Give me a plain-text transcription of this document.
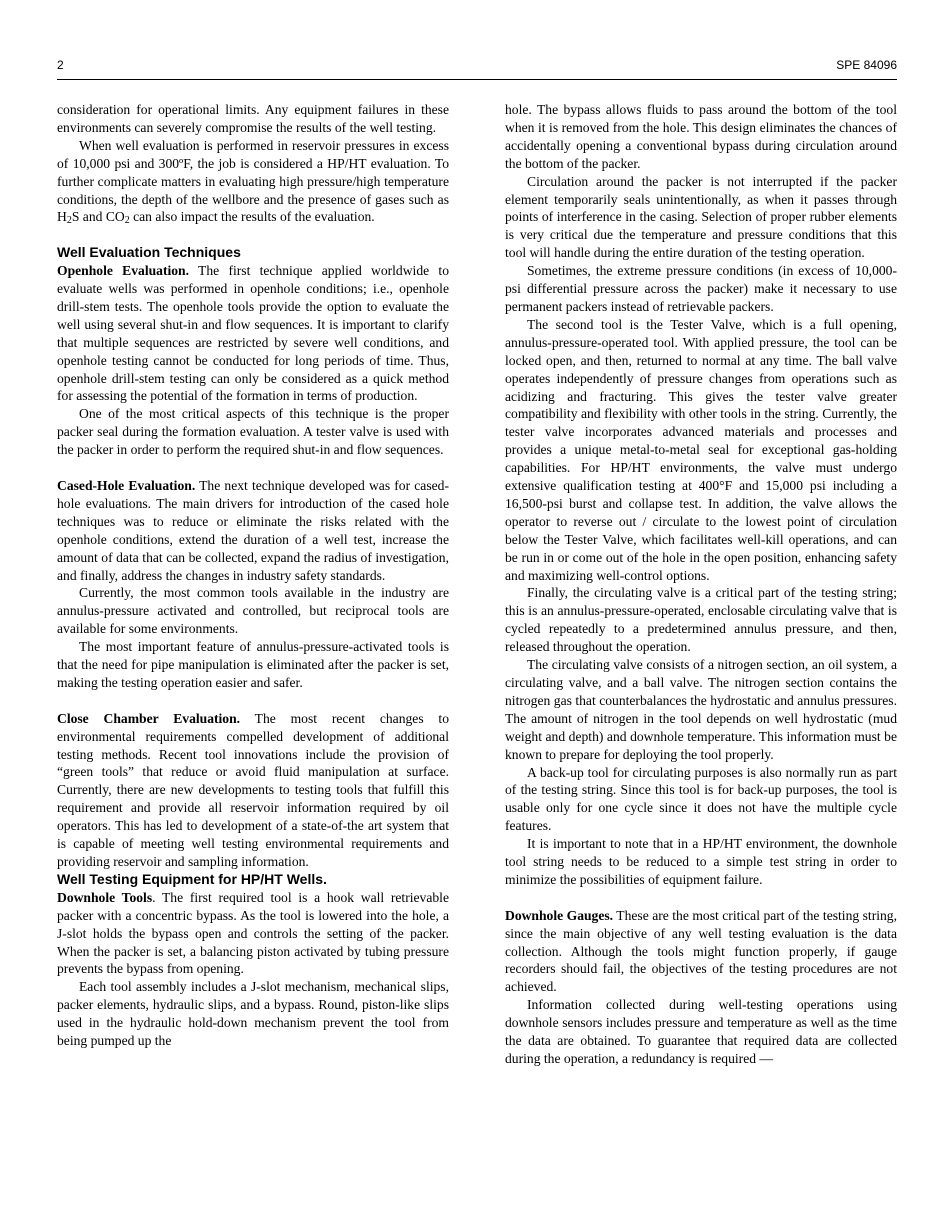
2	SPE 84096

consideration for operational limits. Any equipment failures in these environments can severely compromise the results of the well testing.

When well evaluation is performed in reservoir pressures in excess of 10,000 psi and 300ºF, the job is considered a HP/HT evaluation. To further complicate matters in evaluating high pressure/high temperature conditions, the depth of the wellbore and the presence of gases such as $H_2S$ and $CO_2$ can also impact the results of the evaluation.

Well Evaluation Techniques

Openhole Evaluation. The first technique applied worldwide to evaluate wells was performed in openhole conditions; i.e., openhole drill-stem tests. The openhole tools provide the option to evaluate the well using several shut-in and flow sequences. It is important to clarify that multiple sequences are restricted by severe well conditions, and openhole testing cannot be conducted for long periods of time. Thus, openhole drill-stem testing can only be considered as a quick method for assessing the potential of the formation in terms of production.

One of the most critical aspects of this technique is the proper packer seal during the formation evaluation. A tester valve is used with the packer in order to perform the required shut-in and flow sequences.

Cased-Hole Evaluation. The next technique developed was for cased-hole evaluations. The main drivers for introduction of the cased hole techniques was to reduce or eliminate the risks related with the openhole conditions, extend the duration of a well test, increase the amount of data that can be collected, expand the radius of investigation, and finally, address the changes in industry safety standards.

Currently, the most common tools available in the industry are annulus-pressure activated and controlled, but reciprocal tools are available for some environments.

The most important feature of annulus-pressure-activated tools is that the need for pipe manipulation is eliminated after the packer is set, making the testing operation easier and safer.

Close Chamber Evaluation. The most recent changes to environmental requirements compelled development of additional testing methods. Recent tool innovations include the provision of “green tools” that reduce or avoid fluid manipulation at surface. Currently, there are new developments to testing tools that fulfill this requirement and provide all reservoir information required by oil operators. This has led to development of a state-of-the art system that is capable of meeting well testing environmental requirements and providing reservoir and sampling information.

Well Testing Equipment for HP/HT Wells.

Downhole Tools. The first required tool is a hook wall retrievable packer with a concentric bypass. As the tool is lowered into the hole, a J-slot holds the bypass open and controls the setting of the packer. When the packer is set, a balancing piston activated by tubing pressure prevents the bypass from opening.

Each tool assembly includes a J-slot mechanism, mechanical slips, packer elements, hydraulic slips, and a bypass. Round, piston-like slips used in the hydraulic hold-down mechanism prevent the tool from being pumped up the

hole. The bypass allows fluids to pass around the bottom of the tool when it is removed from the hole. This design eliminates the chances of accidentally opening a conventional bypass during circulation around the bottom of the packer.

Circulation around the packer is not interrupted if the packer element temporarily seals unintentionally, as when it passes through points of interference in the casing. Selection of proper rubber elements is very critical due the temperature and pressure conditions that this tool will handle during the entire duration of the testing operation.

Sometimes, the extreme pressure conditions (in excess of 10,000-psi differential pressure across the packer) make it necessary to use permanent packers instead of retrievable packers.

The second tool is the Tester Valve, which is a full opening, annulus-pressure-operated tool. With applied pressure, the tool can be locked open, and then, returned to normal at any time. The ball valve operates independently of pressure changes from operations such as acidizing and fracturing. This gives the tester valve greater compatibility and flexibility with other tools in the string. Currently, the tester valve incorporates advanced materials and processes and provides a unique metal-to-metal seal for exceptional gas-holding capabilities. For HP/HT environments, the valve must undergo extensive qualification testing at 400°F and 15,000 psi including a 16,500-psi burst and collapse test. In addition, the valve allows the operator to reverse out / circulate to the lowest point of circulation below the Tester Valve, which facilitates well-kill operations, and can be run in or come out of the hole in the open position, enhancing safety and maximizing well-control options.

Finally, the circulating valve is a critical part of the testing string; this is an annulus-pressure-operated, enclosable circulating valve that is cycled repeatedly to a predetermined annulus pressure, and then, released throughout the operation.

The circulating valve consists of a nitrogen section, an oil system, a circulating valve, and a ball valve. The nitrogen section contains the nitrogen gas that counterbalances the hydrostatic and annulus pressures. The amount of nitrogen in the tool depends on well hydrostatic (mud weight and depth) and downhole temperature. This information must be known to prepare for deploying the tool properly.

A back-up tool for circulating purposes is also normally run as part of the testing string. Since this tool is for back-up purposes, the tool is usable only for one cycle since it does not have the multiple cycle features.

It is important to note that in a HP/HT environment, the downhole tool string needs to be reduced to a simple test string in order to minimize the possibilities of equipment failure.

Downhole Gauges. These are the most critical part of the testing string, since the main objective of any well testing evaluation is the data collection. Although the tools might function properly, if gauge recorders should fail, the objectives of the testing procedures are not achieved.

Information collected during well-testing operations using downhole sensors includes pressure and temperature as well as the time the data are obtained. To guarantee that required data are collected during the operation, a redundancy is required —
